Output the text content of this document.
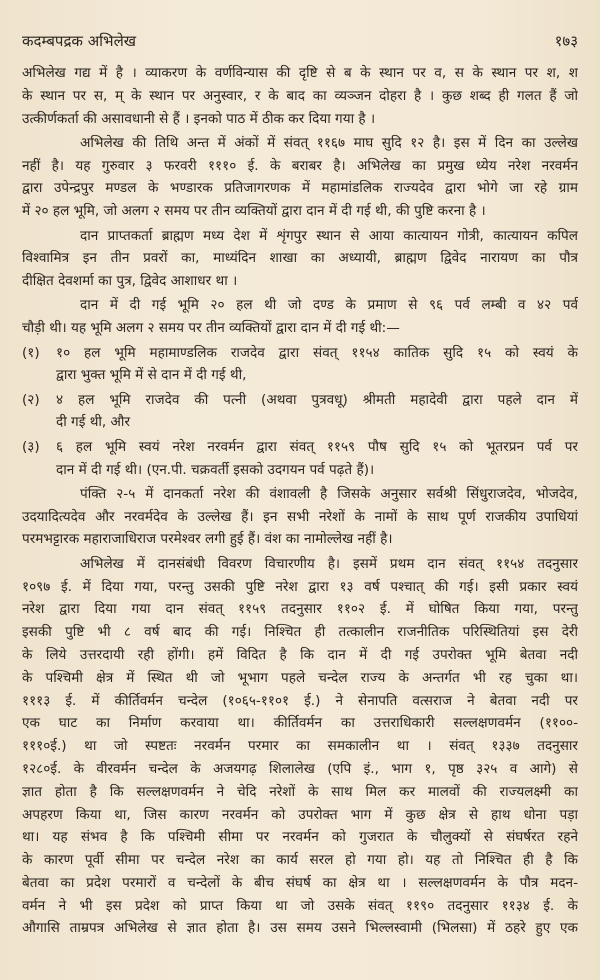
कदम्बपद्रक अभिलेख	१७३
अभिलेख गद्य में है । व्याकरण के वर्णविन्यास की दृष्टि से ब के स्थान पर व, स के स्थान पर श, श
के स्थान पर स, म् के स्थान पर अनुस्वार, र के बाद का व्यञ्जन दोहरा है । कुछ शब्द ही गलत हैं जो
उत्कीर्णकर्ता की असावधानी से हैं । इनको पाठ में ठीक कर दिया गया है ।
अभिलेख की तिथि अन्त में अंकों में संवत् ११६७ माघ सुदि १२ है। इस में दिन का उल्लेख
नहीं है। यह गुरुवार ३ फरवरी १११० ई. के बराबर है। अभिलेख का प्रमुख ध्येय नरेश नरवर्मन
द्वारा उपेन्द्रपुर मण्डल के भण्डारक प्रतिजागरणक में महामांडलिक राज्यदेव द्वारा भोगे जा रहे ग्राम
में २० हल भूमि, जो अलग २ समय पर तीन व्यक्तियों द्वारा दान में दी गई थी, की पुष्टि करना है ।
दान प्राप्तकर्ता ब्राह्मण मध्य देश में शृंगपुर स्थान से आया कात्यायन गोत्री, कात्यायन कपिल
विश्वामित्र इन तीन प्रवरों का, माध्यंदिन शाखा का अध्यायी, ब्राह्मण द्विवेद नारायण का पौत्र
दीक्षित देवशर्मा का पुत्र, द्विवेद आशाधर था ।
दान में दी गई भूमि २० हल थी जो दण्ड के प्रमाण से ९६ पर्व लम्बी व ४२ पर्व
चौड़ी थी। यह भूमि अलग २ समय पर तीन व्यक्तियों द्वारा दान में दी गई थी:—
(१)	१० हल भूमि महामाण्डलिक राजदेव द्वारा संवत् ११५४ कातिक सुदि १५ को स्वयं के
द्वारा भुक्त भूमि में से दान में दी गई थी,
(२)	४ हल भूमि राजदेव की पत्नी (अथवा पुत्रवधू) श्रीमती महादेवी द्वारा पहले दान में
दी गई थी, और
(३)	६ हल भूमि स्वयं नरेश नरवर्मन द्वारा संवत् ११५९ पौष सुदि १५ को भूतरप्रन पर्व पर
दान में दी गई थी। (एन.पी. चक्रवर्ती इसको उदगयन पर्व पढ़ते हैं)।
पंक्ति २-५ में दानकर्ता नरेश की वंशावली है जिसके अनुसार सर्वश्री सिंधुराजदेव, भोजदेव,
उदयादित्यदेव और नरवर्मदेव के उल्लेख हैं। इन सभी नरेशों के नामों के साथ पूर्ण राजकीय उपाधियां
परमभट्टारक महाराजाधिराज परमेश्वर लगी हुई हैं। वंश का नामोल्लेख नहीं है।
अभिलेख में दानसंबंधी विवरण विचारणीय है। इसमें प्रथम दान संवत् ११५४ तदनुसार
१०९७ ई. में दिया गया, परन्तु उसकी पुष्टि नरेश द्वारा १३ वर्ष पश्चात् की गई। इसी प्रकार स्वयं
नरेश द्वारा दिया गया दान संवत् ११५९ तदनुसार ११०२ ई. में घोषित किया गया, परन्तु
इसकी पुष्टि भी ८ वर्ष बाद की गई। निश्चित ही तत्कालीन राजनीतिक परिस्थितियां इस देरी
के लिये उत्तरदायी रही होंगी। हमें विदित है कि दान में दी गई उपरोक्त भूमि बेतवा नदी
के पश्चिमी क्षेत्र में स्थित थी जो भूभाग पहले चन्देल राज्य के अन्तर्गत भी रह चुका था।
१११३ ई. में कीर्तिवर्मन चन्देल (१०६५-११०१ ई.) ने सेनापति वत्सराज ने बेतवा नदी पर
एक घाट का निर्माण करवाया था। कीर्तिवर्मन का उत्तराधिकारी सल्लक्षणवर्मन (११००-
१११०ई.) था जो स्पष्टतः नरवर्मन परमार का समकालीन था । संवत् १३३७ तदनुसार
१२८०ई. के वीरवर्मन चन्देल के अजयगढ़ शिलालेख (एपि इं., भाग १, पृष्ठ ३२५ व आगे) से
ज्ञात होता है कि सल्लक्षणवर्मन ने चेदि नरेशों के साथ मिल कर मालवों की राज्यलक्ष्मी का
अपहरण किया था, जिस कारण नरवर्मन को उपरोक्त भाग में कुछ क्षेत्र से हाथ धोना पड़ा
था। यह संभव है कि पश्चिमी सीमा पर नरवर्मन को गुजरात के चौलुक्यों से संघर्षरत रहने
के कारण पूर्वी सीमा पर चन्देल नरेश का कार्य सरल हो गया हो। यह तो निश्चित ही है कि
बेतवा का प्रदेश परमारों व चन्देलों के बीच संघर्ष का क्षेत्र था । सल्लक्षणवर्मन के पौत्र मदन-
वर्मन ने भी इस प्रदेश को प्राप्त किया था जो उसके संवत् ११९० तदनुसार ११३४ ई. के
औगासि ताम्रपत्र अभिलेख से ज्ञात होता है। उस समय उसने भिल्लस्वामी (भिलसा) में ठहरे हुए एक
